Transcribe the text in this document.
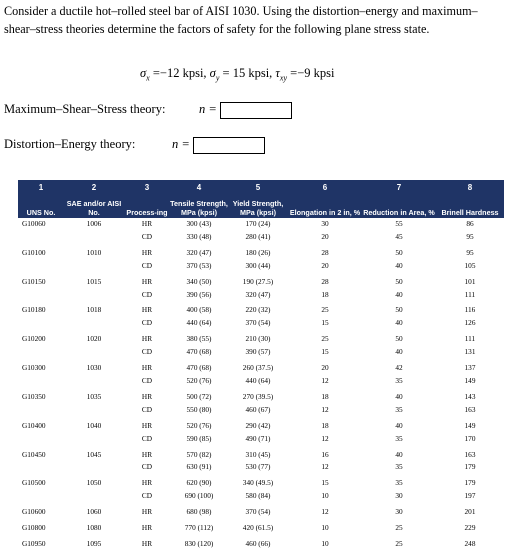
Consider a ductile hot–rolled steel bar of AISI 1030. Using the distortion–energy and maximum–shear–stress theories determine the factors of safety for the following plane stress state.
$\sigma_x =-12$ kpsi, $\sigma_y = 15$ kpsi, $\tau_{xy} =-9$ kpsi
Maximum–Shear–Stress theory:	n =
Distortion–Energy theory:	n =
1	2	3	4	5	6	7	8
UNS No.	SAE and/or AISI No.	Process-ing	Tensile Strength, MPa (kpsi)	Yield Strength, MPa (kpsi)	Elongation in 2 in, %	Reduction in Area, %	Brinell Hardness
G10060	1006	HR	300 (43)	170 (24)	30	55	86
		CD	330 (48)	280 (41)	20	45	95
G10100	1010	HR	320 (47)	180 (26)	28	50	95
		CD	370 (53)	300 (44)	20	40	105
G10150	1015	HR	340 (50)	190 (27.5)	28	50	101
		CD	390 (56)	320 (47)	18	40	111
G10180	1018	HR	400 (58)	220 (32)	25	50	116
		CD	440 (64)	370 (54)	15	40	126
G10200	1020	HR	380 (55)	210 (30)	25	50	111
		CD	470 (68)	390 (57)	15	40	131
G10300	1030	HR	470 (68)	260 (37.5)	20	42	137
		CD	520 (76)	440 (64)	12	35	149
G10350	1035	HR	500 (72)	270 (39.5)	18	40	143
		CD	550 (80)	460 (67)	12	35	163
G10400	1040	HR	520 (76)	290 (42)	18	40	149
		CD	590 (85)	490 (71)	12	35	170
G10450	1045	HR	570 (82)	310 (45)	16	40	163
		CD	630 (91)	530 (77)	12	35	179
G10500	1050	HR	620 (90)	340 (49.5)	15	35	179
		CD	690 (100)	580 (84)	10	30	197
G10600	1060	HR	680 (98)	370 (54)	12	30	201
G10800	1080	HR	770 (112)	420 (61.5)	10	25	229
G10950	1095	HR	830 (120)	460 (66)	10	25	248
